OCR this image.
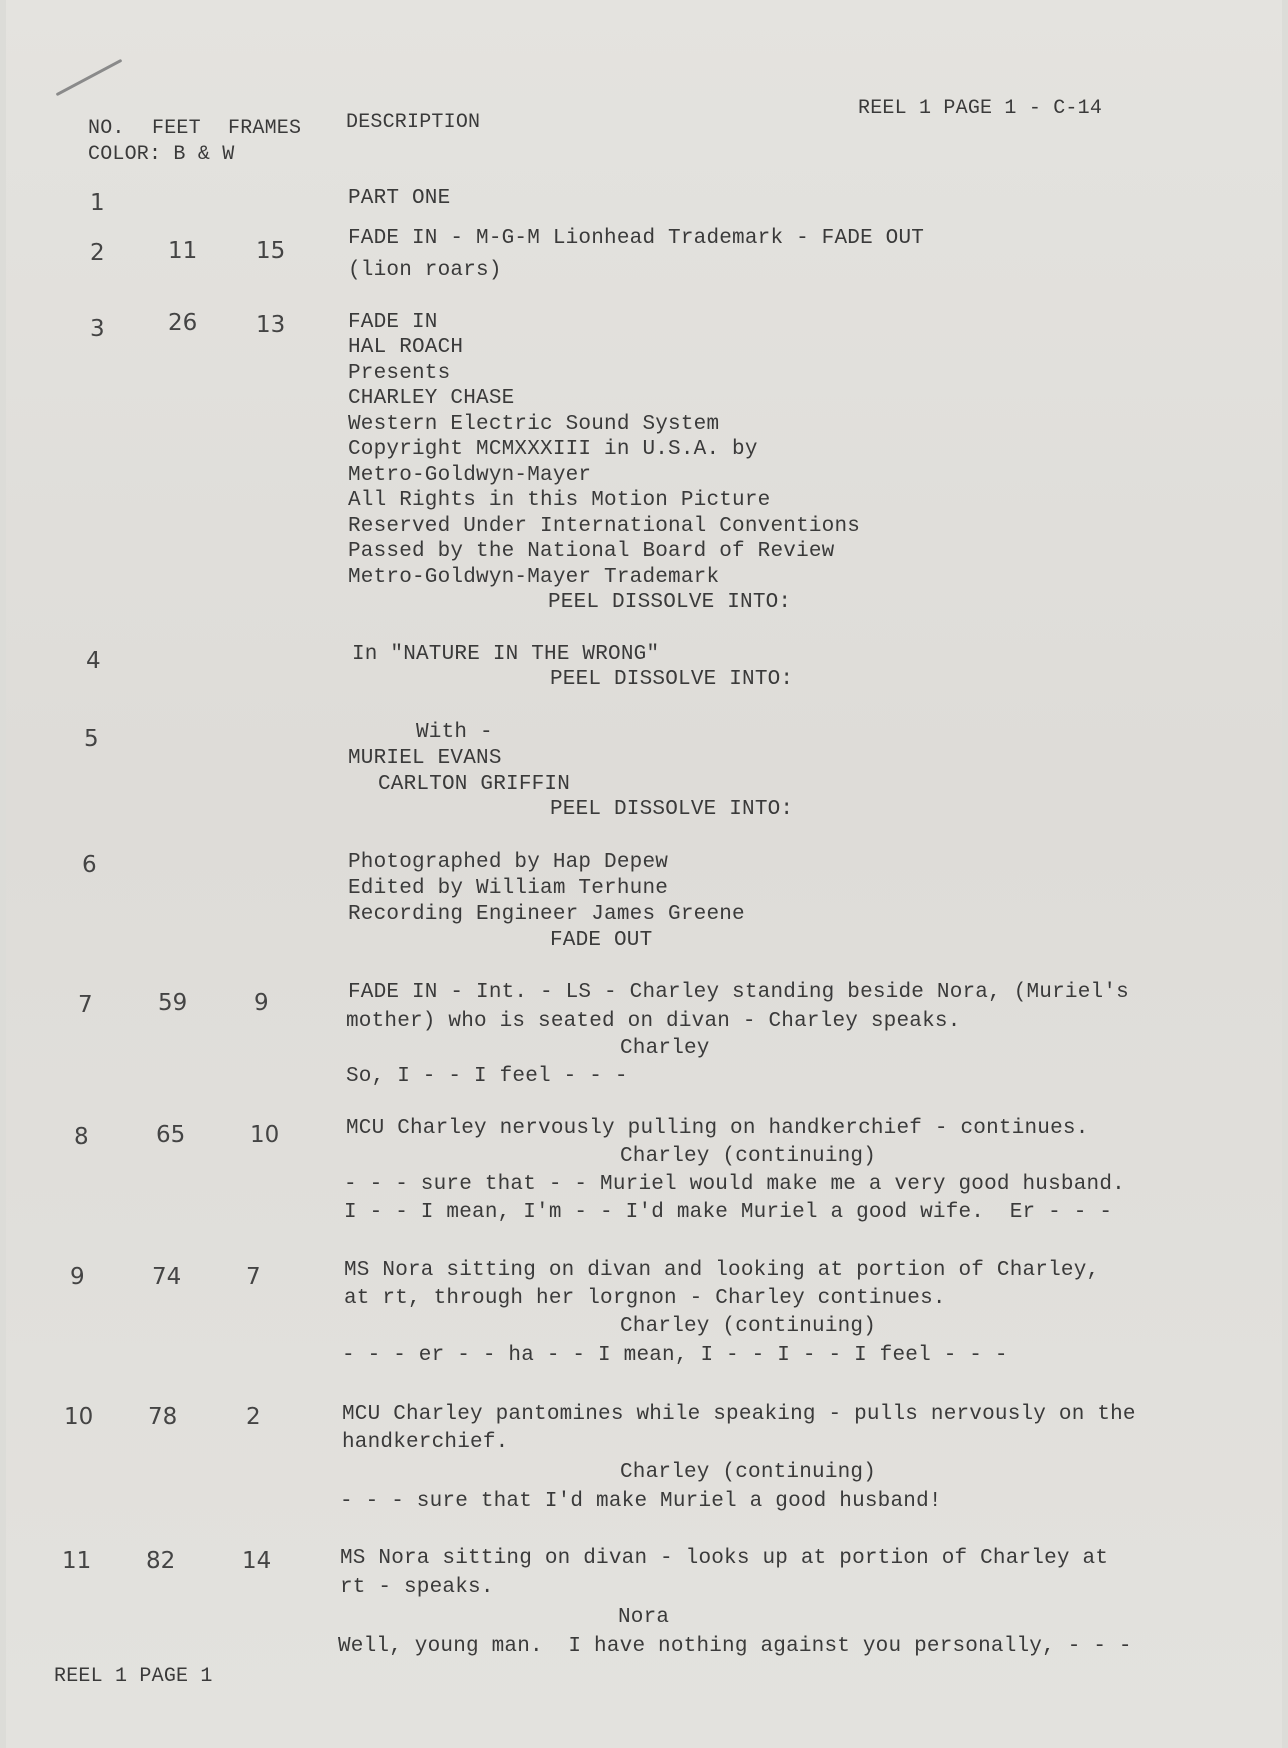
NO. FEET FRAMES DESCRIPTION
COLOR: B & W
REEL 1 PAGE 1 - C-14
1	PART ONE
2	11	15	FADE IN - M-G-M Lionhead Trademark - FADE OUT
(lion roars)
3	26	13	FADE IN
HAL ROACH
Presents
CHARLEY CHASE
Western Electric Sound System
Copyright MCMXXXIII in U.S.A. by
Metro-Goldwyn-Mayer
All Rights in this Motion Picture
Reserved Under International Conventions
Passed by the National Board of Review
Metro-Goldwyn-Mayer Trademark
PEEL DISSOLVE INTO:
4	In "NATURE IN THE WRONG"
PEEL DISSOLVE INTO:
5	With -
MURIEL EVANS
CARLTON GRIFFIN
PEEL DISSOLVE INTO:
6	Photographed by Hap Depew
Edited by William Terhune
Recording Engineer James Greene
FADE OUT
7	59	9	FADE IN - Int. - LS - Charley standing beside Nora, (Muriel's
mother) who is seated on divan - Charley speaks.
Charley
So, I - - I feel - - -
8	65	10	MCU Charley nervously pulling on handkerchief - continues.
Charley (continuing)
- - - sure that - - Muriel would make me a very good husband.
I - - I mean, I'm - - I'd make Muriel a good wife.  Er - - -
9	74	7	MS Nora sitting on divan and looking at portion of Charley,
at rt, through her lorgnon - Charley continues.
Charley (continuing)
- - - er - - ha - - I mean, I - - I - - I feel - - -
10 78	2	MCU Charley pantomines while speaking - pulls nervously on the
handkerchief.
Charley (continuing)
- - - sure that I'd make Muriel a good husband!
11 82	14	MS Nora sitting on divan - looks up at portion of Charley at
rt - speaks.
Nora
Well, young man.  I have nothing against you personally, - - -
REEL 1 PAGE 1
